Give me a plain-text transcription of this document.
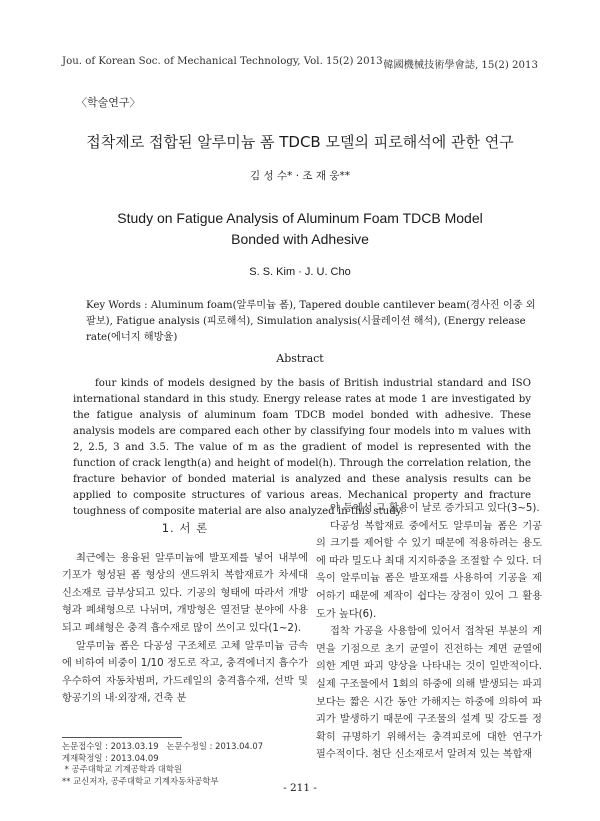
Jou. of Korean Soc. of Mechanical Technology, Vol. 15(2) 2013 韓國機械技術學會誌, 15(2) 2013
〈학술연구〉
접착제로 접합된 알루미늄 폼 TDCB 모델의 피로해석에 관한 연구
김 성 수* · 조 재 웅**
Study on Fatigue Analysis of Aluminum Foam TDCB Model
Bonded with Adhesive
S. S. Kim · J. U. Cho
Key Words : Aluminum foam(알루미늄 폼), Tapered double cantilever beam(경사진 이중 외팔보), Fatigue analysis (피로해석), Simulation analysis(시뮬레이션 해석), (Energy release rate(에너지 해방율)
Abstract

four kinds of models designed by the basis of British industrial standard and ISO international standard in this study. Energy release rates at mode 1 are investigated by the fatigue analysis of aluminum foam TDCB model bonded with adhesive. These analysis models are compared each other by classifying four models into m values with 2, 2.5, 3 and 3.5. The value of m as the gradient of model is represented with the function of crack length(a) and height of model(h). Through the correlation relation, the fracture behavior of bonded material is analyzed and these analysis results can be applied to composite structures of various areas. Mechanical property and fracture toughness of composite material are also analyzed in this study.

1. 서 론

최근에는 용융된 알루미늄에 발포제를 넣어 내부에 기포가 형성된 폼 형상의 샌드위치 복합재료가 차세대 신소재로 급부상되고 있다. 기공의 형태에 따라서 개방형과 폐쇄형으로 나뉘며, 개방형은 열전달 분야에 사용되고 폐쇄형은 충격 흡수재로 많이 쓰이고 있다(1~2).

알루미늄 폼은 다공성 구조체로 고체 알루미늄 금속에 비하여 비중이 1/10 정도로 작고, 충격에너지 흡수가 우수하여 자동차범퍼, 가드레일의 충격흡수재, 선박 및 항공기의 내·외장재, 건축 분

야 등에서 그 활용이 날로 증가되고 있다(3~5).

다공성 복합재료 중에서도 알루미늄 폼은 기공의 크기를 제어할 수 있기 때문에 적용하려는 용도에 따라 밀도나 최대 지지하중을 조절할 수 있다. 더욱이 알루미늄 폼은 발포재를 사용하여 기공을 제어하기 때문에 제작이 쉽다는 장점이 있어 그 활용도가 높다(6).

접착 가공을 사용함에 있어서 접착된 부분의 계면을 기점으로 초기 균열이 진전하는 계면 균열에 의한 계면 파괴 양상을 나타내는 것이 일반적이다. 실제 구조물에서 1회의 하중에 의해 발생되는 파괴보다는 짧은 시간 동안 가해지는 하중에 의하여 파괴가 발생하기 때문에 구조물의 설계 및 강도를 정확히 규명하기 위해서는 충격피로에 대한 연구가 필수적이다. 첨단 신소재로서 알려져 있는 복합재

논문접수일 : 2013.03.19   논문수정일 : 2013.04.07
게재확정일 : 2013.04.09
* 공주대학교 기계공학과 대학원
** 교신저자, 공주대학교 기계자동차공학부
- 211 -
